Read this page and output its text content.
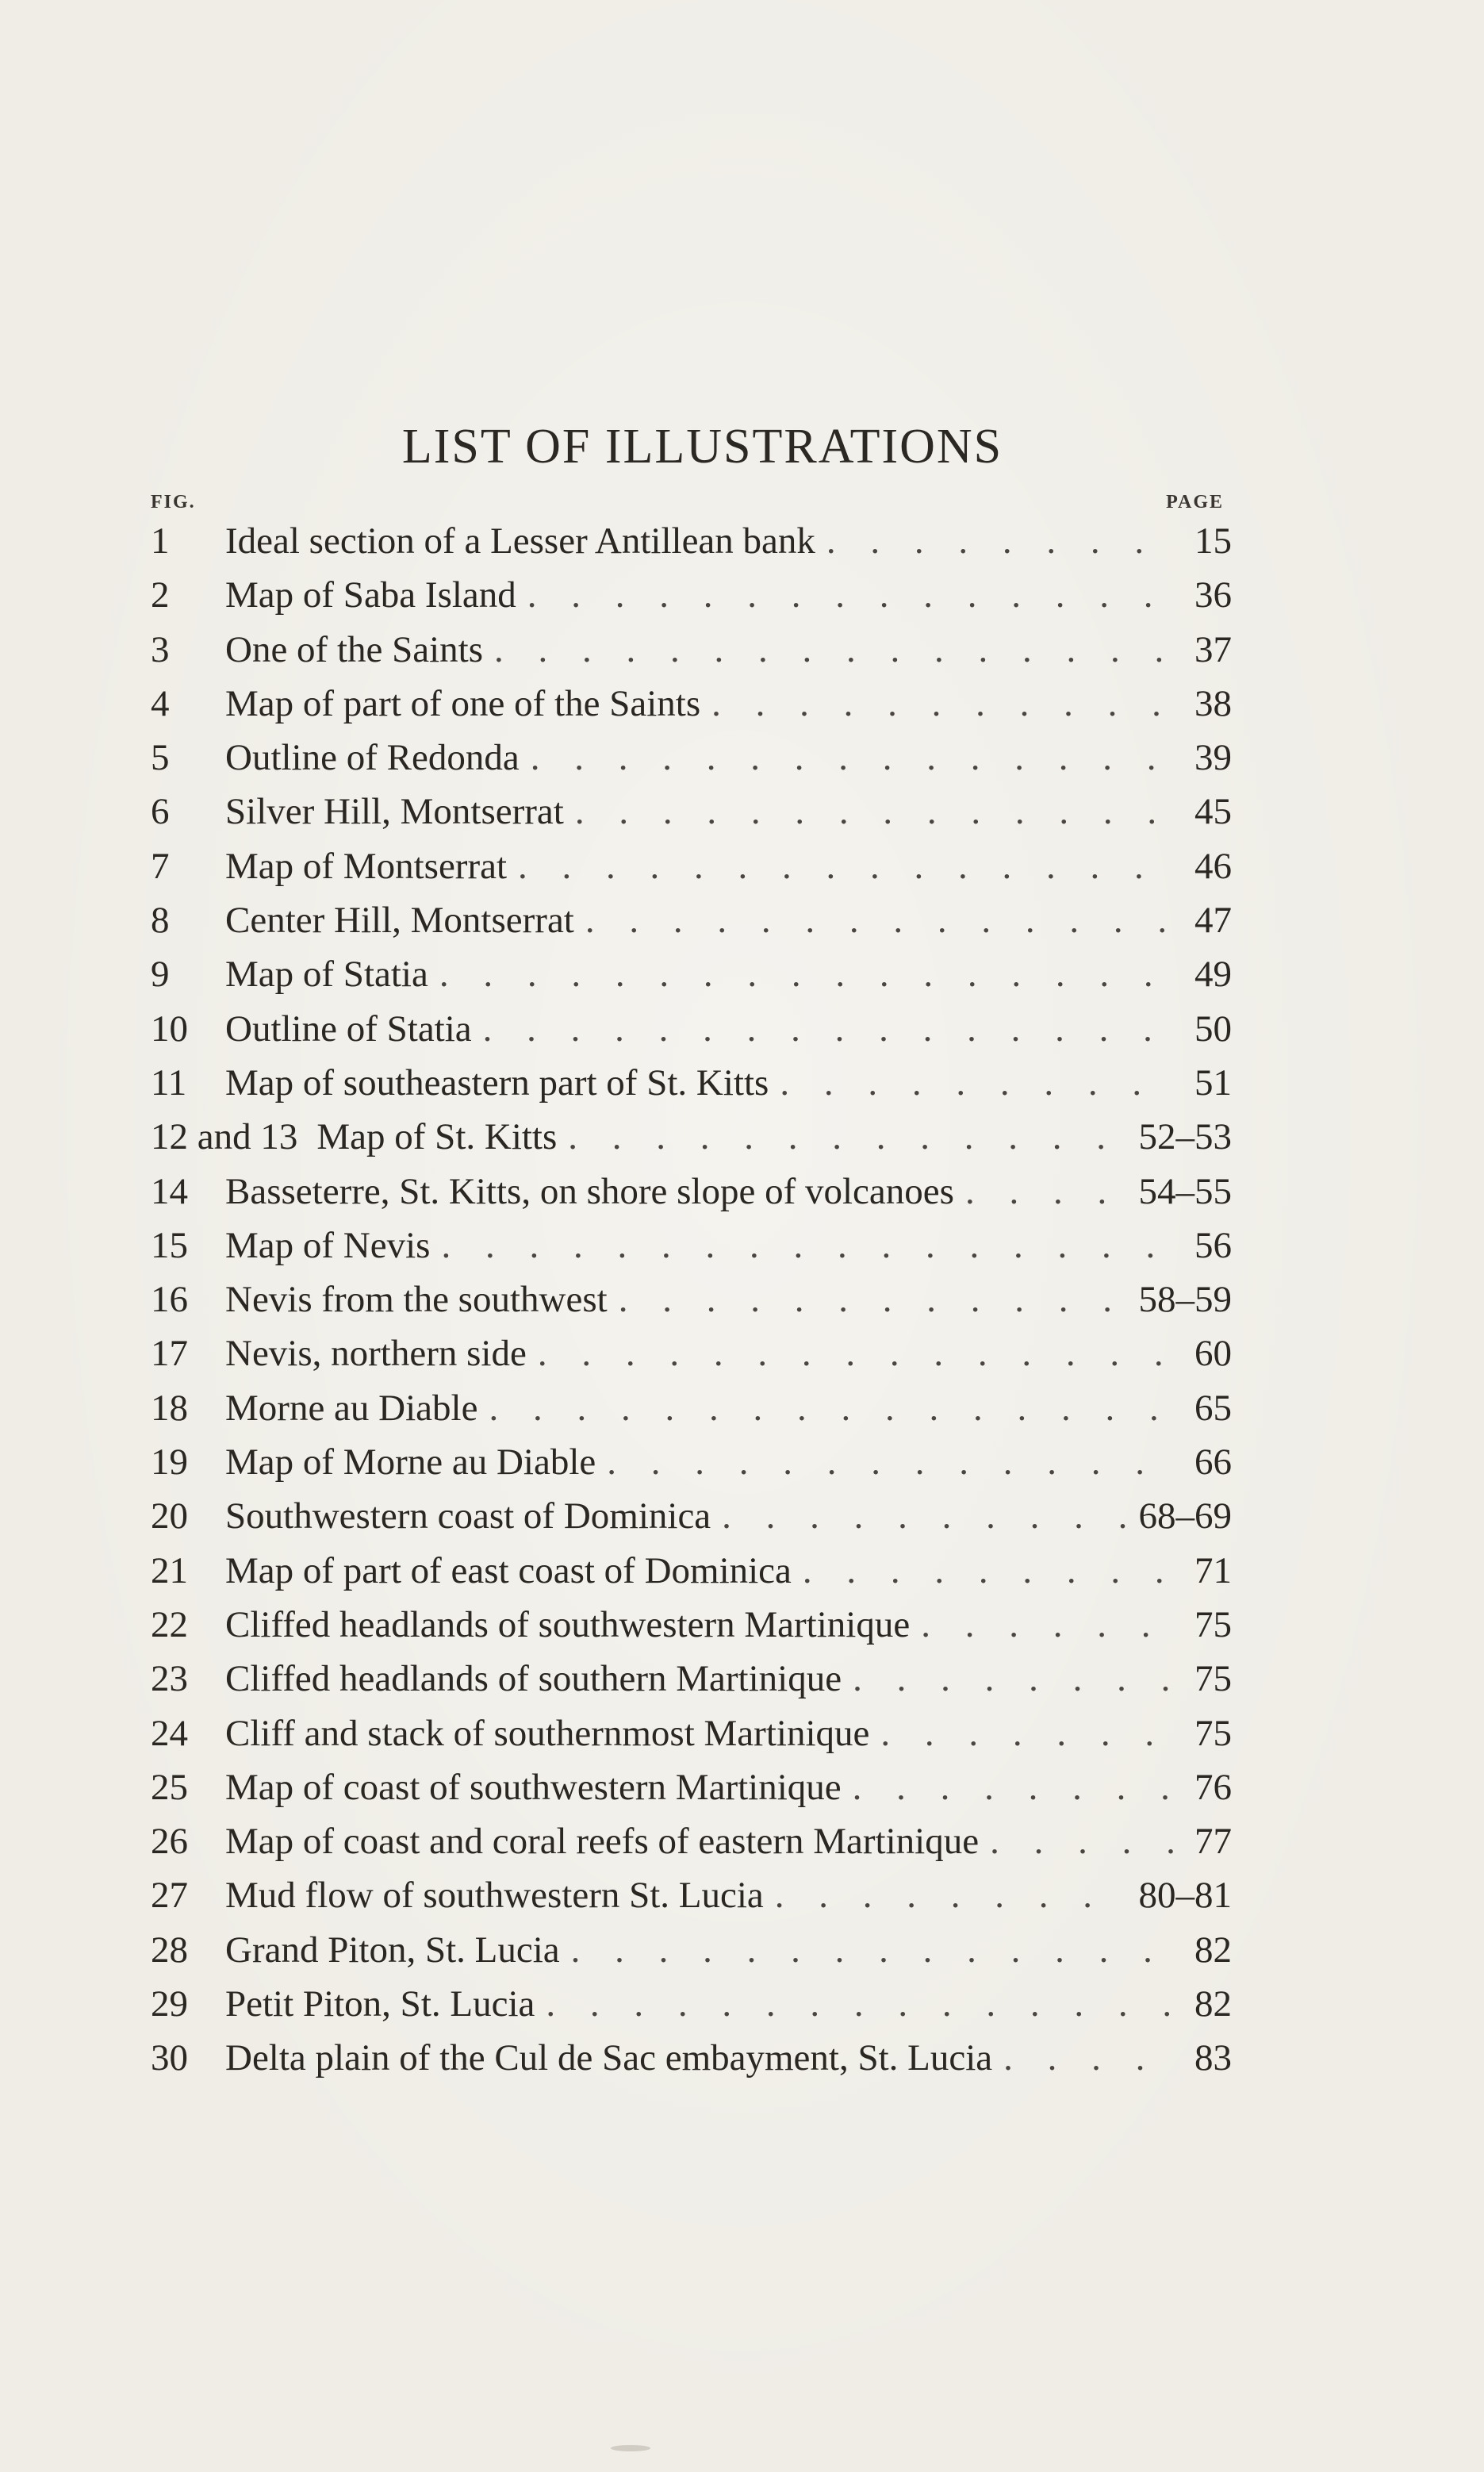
LIST OF ILLUSTRATIONS
FIG.	PAGE
1	Ideal section of a Lesser Antillean bank . . .	15
2	Map of Saba Island . . .	36
3	One of the Saints . . .	37
4	Map of part of one of the Saints . . .	38
5	Outline of Redonda . . .	39
6	Silver Hill, Montserrat . . .	45
7	Map of Montserrat . . .	46
8	Center Hill, Montserrat . . .	47
9	Map of Statia . . .	49
10	Outline of Statia . . .	50
11	Map of southeastern part of St. Kitts . . .	51
12 and 13 Map of St. Kitts . . .	52–53
14	Basseterre, St. Kitts, on shore slope of volcanoes . . .	54–55
15	Map of Nevis . . .	56
16	Nevis from the southwest . . .	58–59
17	Nevis, northern side . . .	60
18	Morne au Diable . . .	65
19	Map of Morne au Diable . . .	66
20	Southwestern coast of Dominica . . .	68–69
21	Map of part of east coast of Dominica . . .	71
22	Cliffed headlands of southwestern Martinique . . .	75
23	Cliffed headlands of southern Martinique . . .	75
24	Cliff and stack of southernmost Martinique . . .	75
25	Map of coast of southwestern Martinique . . .	76
26	Map of coast and coral reefs of eastern Martinique . . .	77
27	Mud flow of southwestern St. Lucia . . .	80–81
28	Grand Piton, St. Lucia . . .	82
29	Petit Piton, St. Lucia . . .	82
30	Delta plain of the Cul de Sac embayment, St. Lucia . . .	83
